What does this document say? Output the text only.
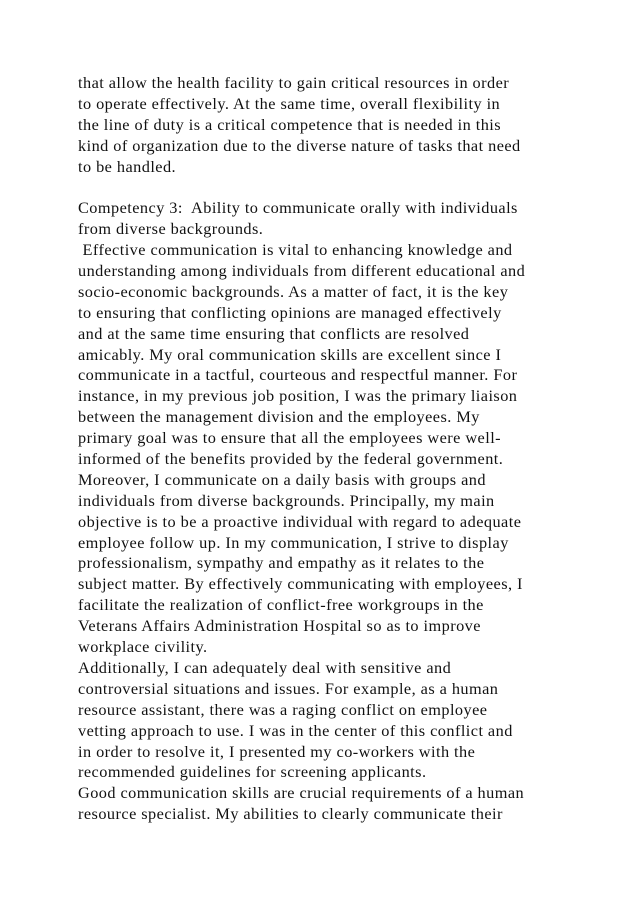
that allow the health facility to gain critical resources in order
to operate effectively. At the same time, overall flexibility in
the line of duty is a critical competence that is needed in this
kind of organization due to the diverse nature of tasks that need
to be handled.
Competency 3:  Ability to communicate orally with individuals
from diverse backgrounds.
Effective communication is vital to enhancing knowledge and
understanding among individuals from different educational and
socio-economic backgrounds. As a matter of fact, it is the key
to ensuring that conflicting opinions are managed effectively
and at the same time ensuring that conflicts are resolved
amicably. My oral communication skills are excellent since I
communicate in a tactful, courteous and respectful manner. For
instance, in my previous job position, I was the primary liaison
between the management division and the employees. My
primary goal was to ensure that all the employees were well-
informed of the benefits provided by the federal government.
Moreover, I communicate on a daily basis with groups and
individuals from diverse backgrounds. Principally, my main
objective is to be a proactive individual with regard to adequate
employee follow up. In my communication, I strive to display
professionalism, sympathy and empathy as it relates to the
subject matter. By effectively communicating with employees, I
facilitate the realization of conflict-free workgroups in the
Veterans Affairs Administration Hospital so as to improve
workplace civility.
Additionally, I can adequately deal with sensitive and
controversial situations and issues. For example, as a human
resource assistant, there was a raging conflict on employee
vetting approach to use. I was in the center of this conflict and
in order to resolve it, I presented my co-workers with the
recommended guidelines for screening applicants.
Good communication skills are crucial requirements of a human
resource specialist. My abilities to clearly communicate their
